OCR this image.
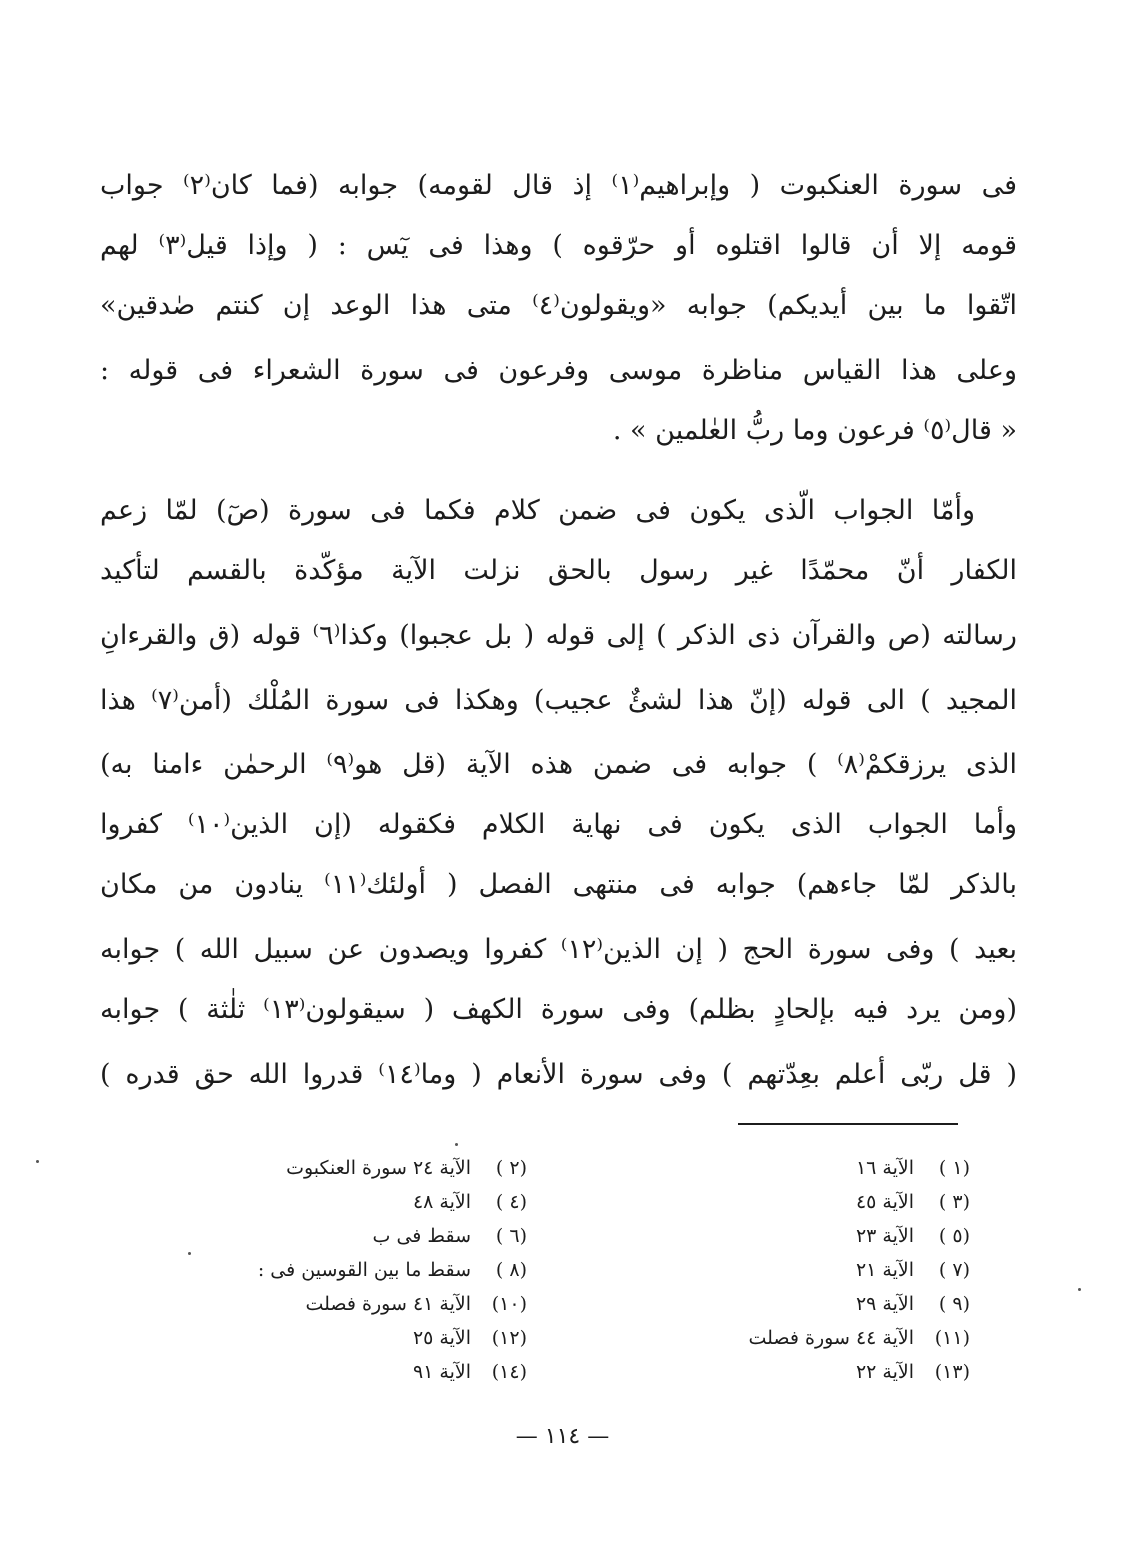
فى سورة العنكبوت ( وإبراهيم⁽١⁾ إذ قال لقومه) جوابه (فما كان⁽٢⁾ جواب
قومه إلا أن قالوا اقتلوه أو حرّقوه ) وهذا فى يٓس : ( وإذا قيل⁽٣⁾ لهم
اتّقوا ما بين أيديكم) جوابه «ويقولون⁽٤⁾ متى هذا الوعد إن كنتم صٰدقين»
وعلى هذا القياس مناظرة موسى وفرعون فى سورة الشعراء فى قوله :
« قال⁽٥⁾ فرعون وما ربُّ العٰلمين » .
وأمّا الجواب الّذى يكون فى ضمن كلام فكما فى سورة (صٓ) لمّا زعم
الكفار أنّ محمّدًا غير رسول بالحق نزلت الآية مؤكّدة بالقسم لتأكيد
رسالته (ص والقرآن ذى الذكر ) إلى قوله ( بل عجبوا) وكذا⁽٦⁾ قوله (ق والقرءانِ
المجيد ) الى قوله (إنّ هذا لشئٌ عجيب) وهكذا فى سورة المُلْك (أمن⁽٧⁾ هذا
الذى يرزقكمْ⁽٨⁾ ) جوابه فى ضمن هذه الآية (قل هو⁽٩⁾ الرحمٰن ءامنا به)
وأما الجواب الذى يكون فى نهاية الكلام فكقوله (إن الذين⁽١٠⁾ كفروا
بالذكر لمّا جاءهم) جوابه فى منتهى الفصل ( أولئك⁽١١⁾ ينادون من مكان
بعيد ) وفى سورة الحج ( إن الذين⁽١٢⁾ كفروا ويصدون عن سبيل الله ) جوابه
(ومن يرد فيه بإلحادٍ بظلم) وفى سورة الكهف ( سيقولون⁽١٣⁾ ثلٰثة ) جوابه
( قل ربّى أعلم بعِدّتهم ) وفى سورة الأنعام ( وما⁽١٤⁾ قدروا الله حق قدره )
(١ )الآية ١٦
(٣ )الآية ٤٥
(٥ )الآية ٢٣
(٧ )الآية ٢١
(٩ )الآية ٢٩
(١١)الآية ٤٤ سورة فصلت
(١٣)الآية ٢٢
(٢ )الآية ٢٤ سورة العنكبوت
(٤ )الآية ٤٨
(٦ )سقط فى ب
(٨ )سقط ما بين القوسين فى :
(١٠)الآية ٤١ سورة فصلت
(١٢)الآية ٢٥
(١٤)الآية ٩١
— ١١٤ —
